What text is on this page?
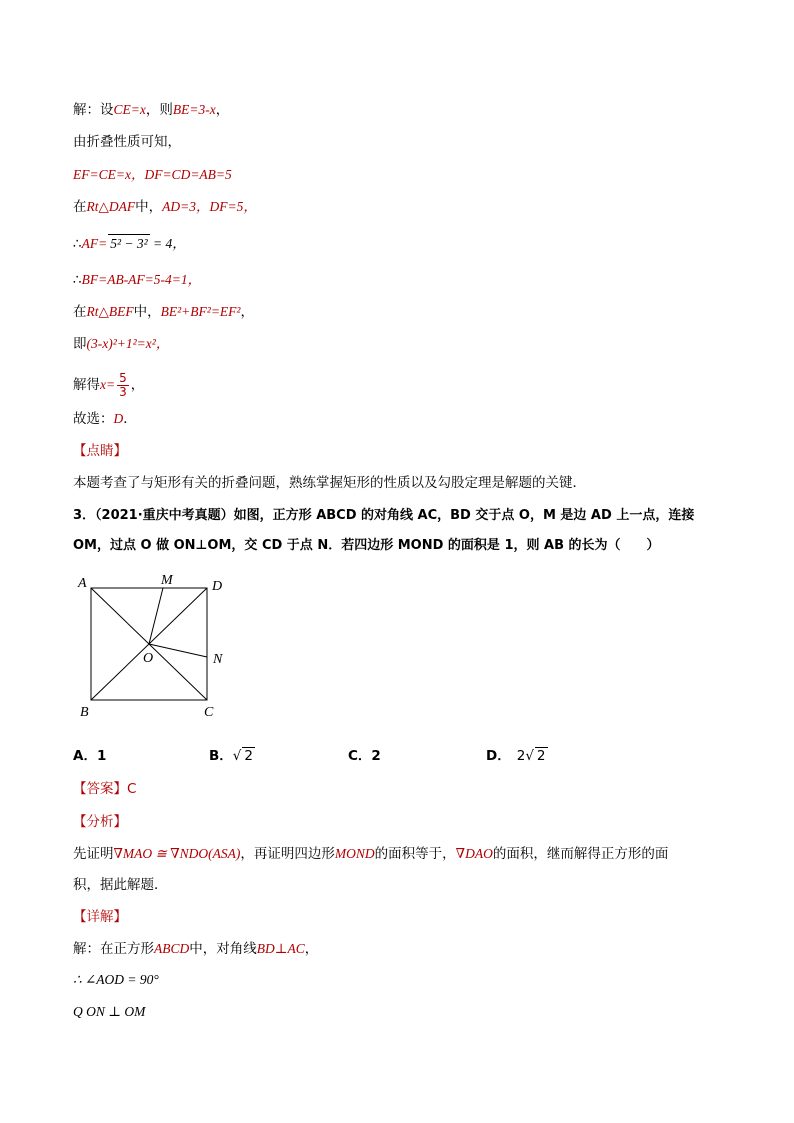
解：设CE=x，则BE=3-x，
由折叠性质可知，
EF=CE=x，DF=CD=AB=5
在Rt△DAF中，AD=3，DF=5，
∴AF= 5² − 3² = 4，
∴BF=AB-AF=5-4=1，
在Rt△BEF中，BE²+BF²=EF²，
即(3-x)²+1²=x²，
解得$x= \frac{5}{3}$ ，
故选：D．
【点睛】
本题考查了与矩形有关的折叠问题，熟练掌握矩形的性质以及勾股定理是解题的关键．
3．（2021·重庆中考真题）如图，正方形 ABCD 的对角线 AC，BD 交于点 O，M 是边 AD 上一点，连接
OM，过点 O 做 ON⊥OM，交 CD 于点 N．若四边形 MOND 的面积是 1，则 AB 的长为（　　）
A	M	D
O	N
B	C
A．1	B．√ 2	C．2	D． 2√ 2
【答案】C
【分析】
先证明∇MAO ≅ ∇NDO(ASA)，再证明四边形MOND的面积等于，∇DAO的面积，继而解得正方形的面
积，据此解题．
【详解】
解：在正方形ABCD中，对角线BD⊥AC，
∴ ∠AOD = 90°
Q ON ⊥ OM
